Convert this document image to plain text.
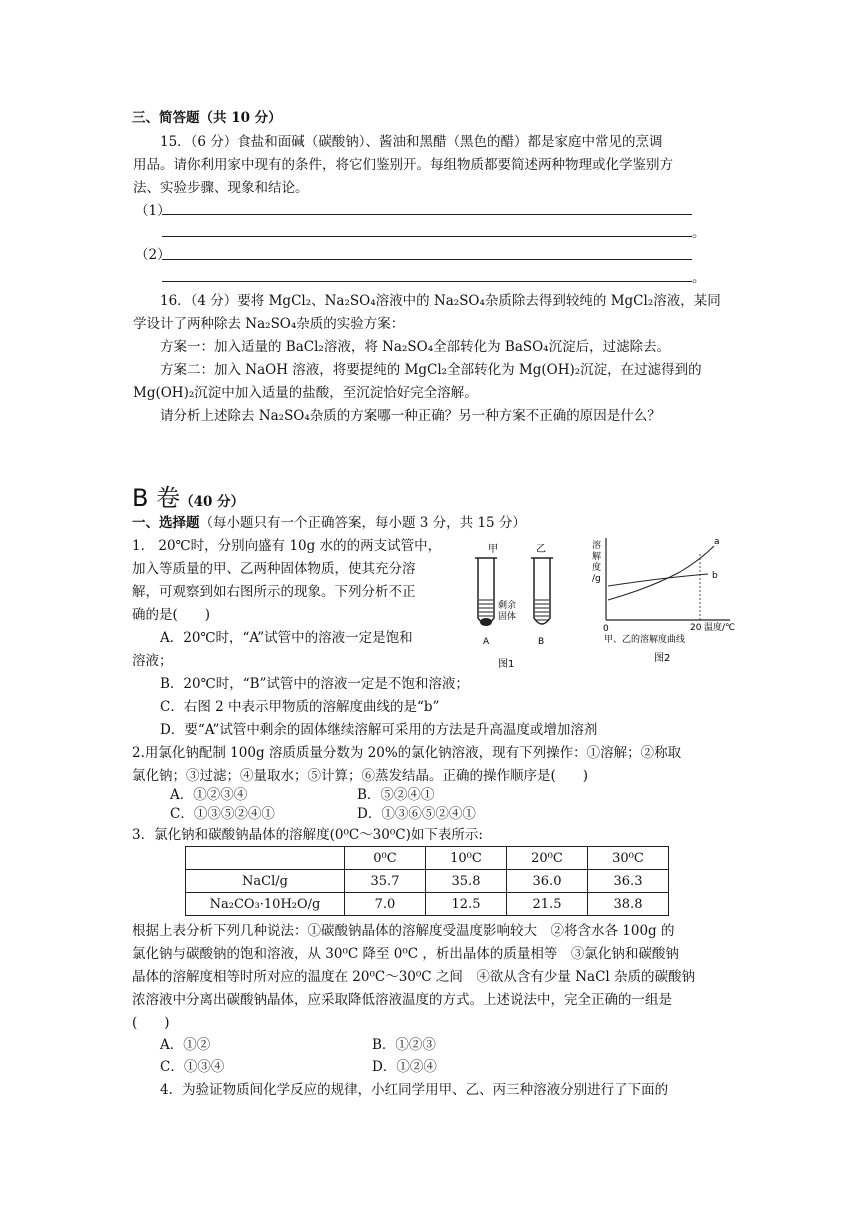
三、简答题（共 10 分）
15．（6 分）食盐和面碱（碳酸钠）、酱油和黑醋（黑色的醋）都是家庭中常见的烹调
用品。请你利用家中现有的条件，将它们鉴别开。每组物质都要简述两种物理或化学鉴别方
法、实验步骤、现象和结论。
（1）
。
（2）
。
16．（4 分）要将 MgCl₂、Na₂SO₄溶液中的 Na₂SO₄杂质除去得到较纯的 MgCl₂溶液，某同
学设计了两种除去 Na₂SO₄杂质的实验方案：
方案一：加入适量的 BaCl₂溶液，将 Na₂SO₄全部转化为 BaSO₄沉淀后，过滤除去。
方案二：加入 NaOH 溶液，将要提纯的 MgCl₂全部转化为 Mg(OH)₂沉淀，在过滤得到的
Mg(OH)₂沉淀中加入适量的盐酸，至沉淀恰好完全溶解。
请分析上述除去 Na₂SO₄杂质的方案哪一种正确？另一种方案不正确的原因是什么？
B 卷（40 分）
一、选择题（每小题只有一个正确答案，每小题 3 分，共 15 分）
1． 20℃时，分别向盛有 10g 水的的两支试管中，
加入等质量的甲、乙两种固体物质，使其充分溶
解，可观察到如右图所示的现象。下列分析不正
确的是(　　)
A．20℃时，“A”试管中的溶液一定是饱和
溶液；
B．20℃时，“B”试管中的溶液一定是不饱和溶液；
C．右图 2 中表示甲物质的溶解度曲线的是“b”
D．要“A”试管中剩余的固体继续溶解可采用的方法是升高温度或增加溶剂
甲	乙
剩余
固体
A	B
图1
溶
解
度
/g
a
b
0	20 温度/℃
甲、乙的溶解度曲线
图2
2.用氯化钠配制 100g 溶质质量分数为 20%的氯化钠溶液，现有下列操作：①溶解；②称取
氯化钠；③过滤；④量取水；⑤计算；⑥蒸发结晶。正确的操作顺序是(　　)
A．①②③④	B．⑤②④①
C．①③⑤②④①	D．①③⑥⑤②④①
3．氯化钠和碳酸钠晶体的溶解度(0⁰C～30⁰C)如下表所示:
	0⁰C	10⁰C	20⁰C	30⁰C
NaCl/g	35.7	35.8	36.0	36.3
Na₂CO₃·10H₂O/g	7.0	12.5	21.5	38.8
根据上表分析下列几种说法：①碳酸钠晶体的溶解度受温度影响较大　②将含水各 100g 的
氯化钠与碳酸钠的饱和溶液，从 30⁰C 降至 0⁰C ，析出晶体的质量相等　③氯化钠和碳酸钠
晶体的溶解度相等时所对应的温度在 20⁰C～30⁰C 之间　④欲从含有少量 NaCl 杂质的碳酸钠
浓溶液中分离出碳酸钠晶体，应采取降低溶液温度的方式。上述说法中，完全正确的一组是
(　　)
A．①②	B．①②③
C．①③④	D．①②④
4．为验证物质间化学反应的规律，小红同学用甲、乙、丙三种溶液分别进行了下面的
